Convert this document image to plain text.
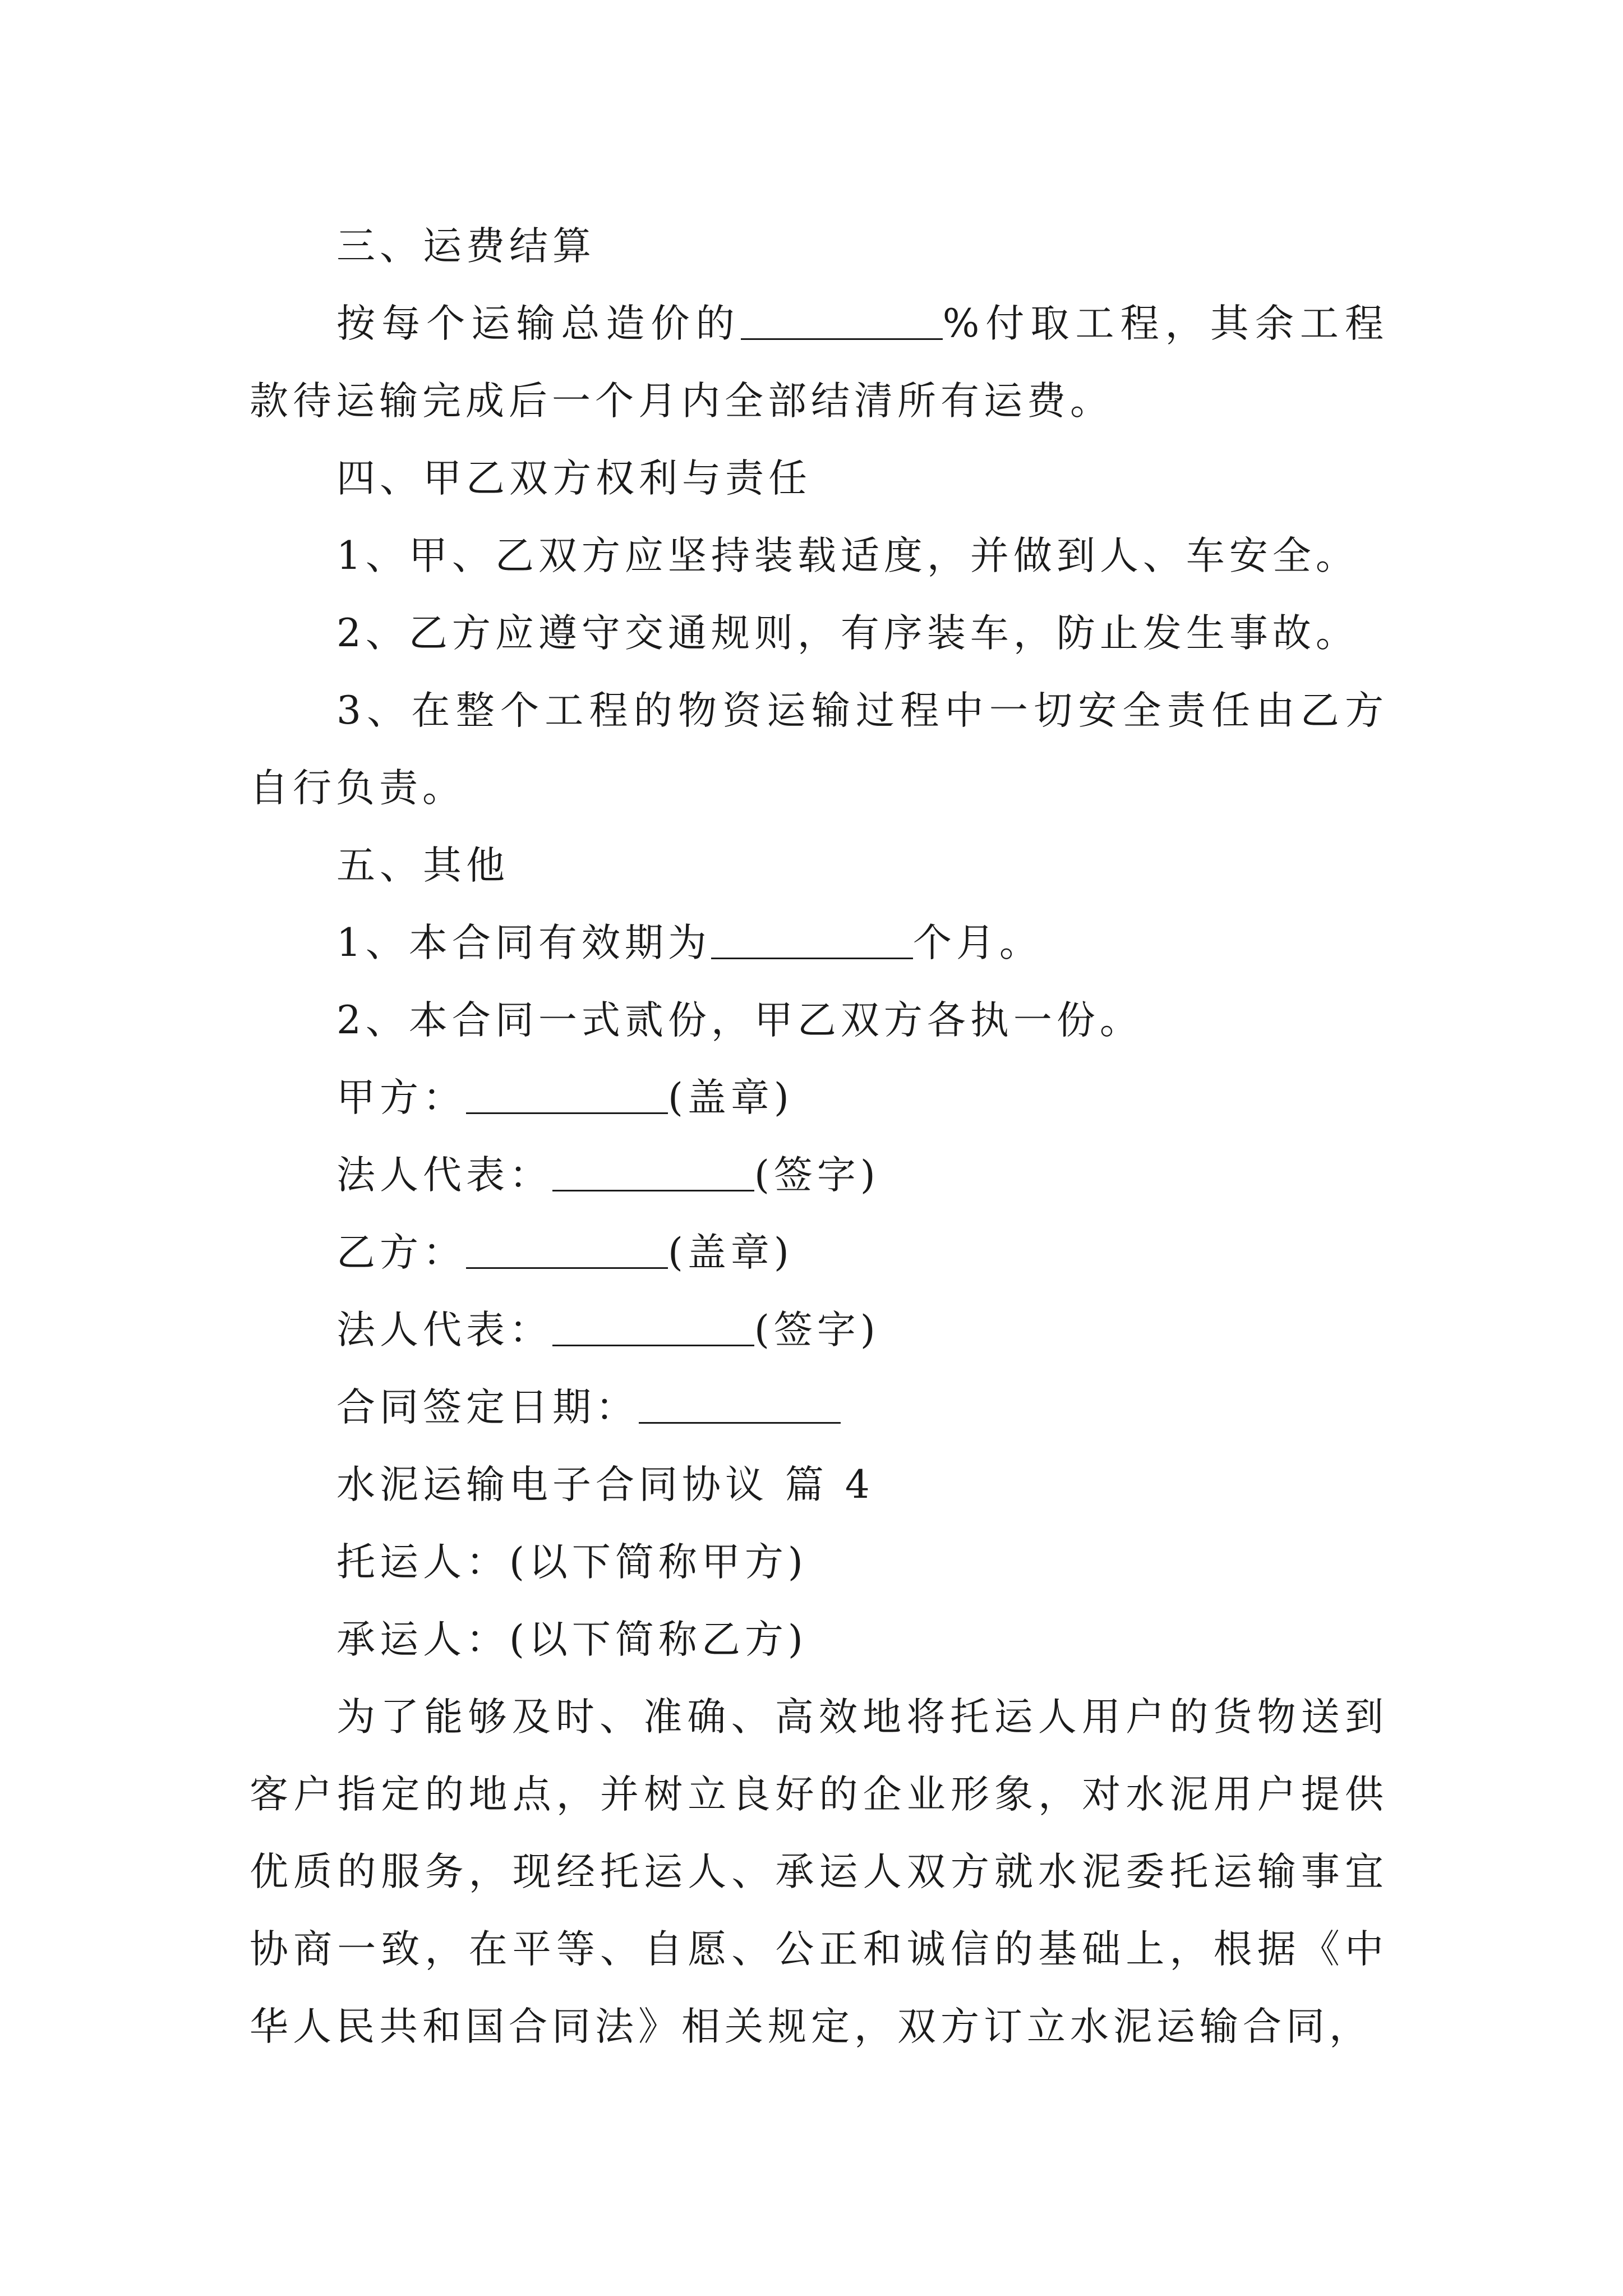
三、运费结算

按每个运输总造价的	%付取工程，其余工程款待运输完成后一个月内全部结清所有运费。

四、甲乙双方权利与责任

1、甲、乙双方应坚持装载适度，并做到人、车安全。

2、乙方应遵守交通规则，有序装车，防止发生事故。

3、在整个工程的物资运输过程中一切安全责任由乙方自行负责。

五、其他

1、本合同有效期为	个月。

2、本合同一式贰份，甲乙双方各执一份。

甲方：	(盖章)

法人代表：	(签字)

乙方：	(盖章)

法人代表：	(签字)

合同签定日期：

水泥运输电子合同协议 篇 4

托运人：(以下简称甲方)

承运人：(以下简称乙方)

为了能够及时、准确、高效地将托运人用户的货物送到客户指定的地点，并树立良好的企业形象，对水泥用户提供优质的服务，现经托运人、承运人双方就水泥委托运输事宜协商一致，在平等、自愿、公正和诚信的基础上，根据《中华人民共和国合同法》相关规定，双方订立水泥运输合同，
